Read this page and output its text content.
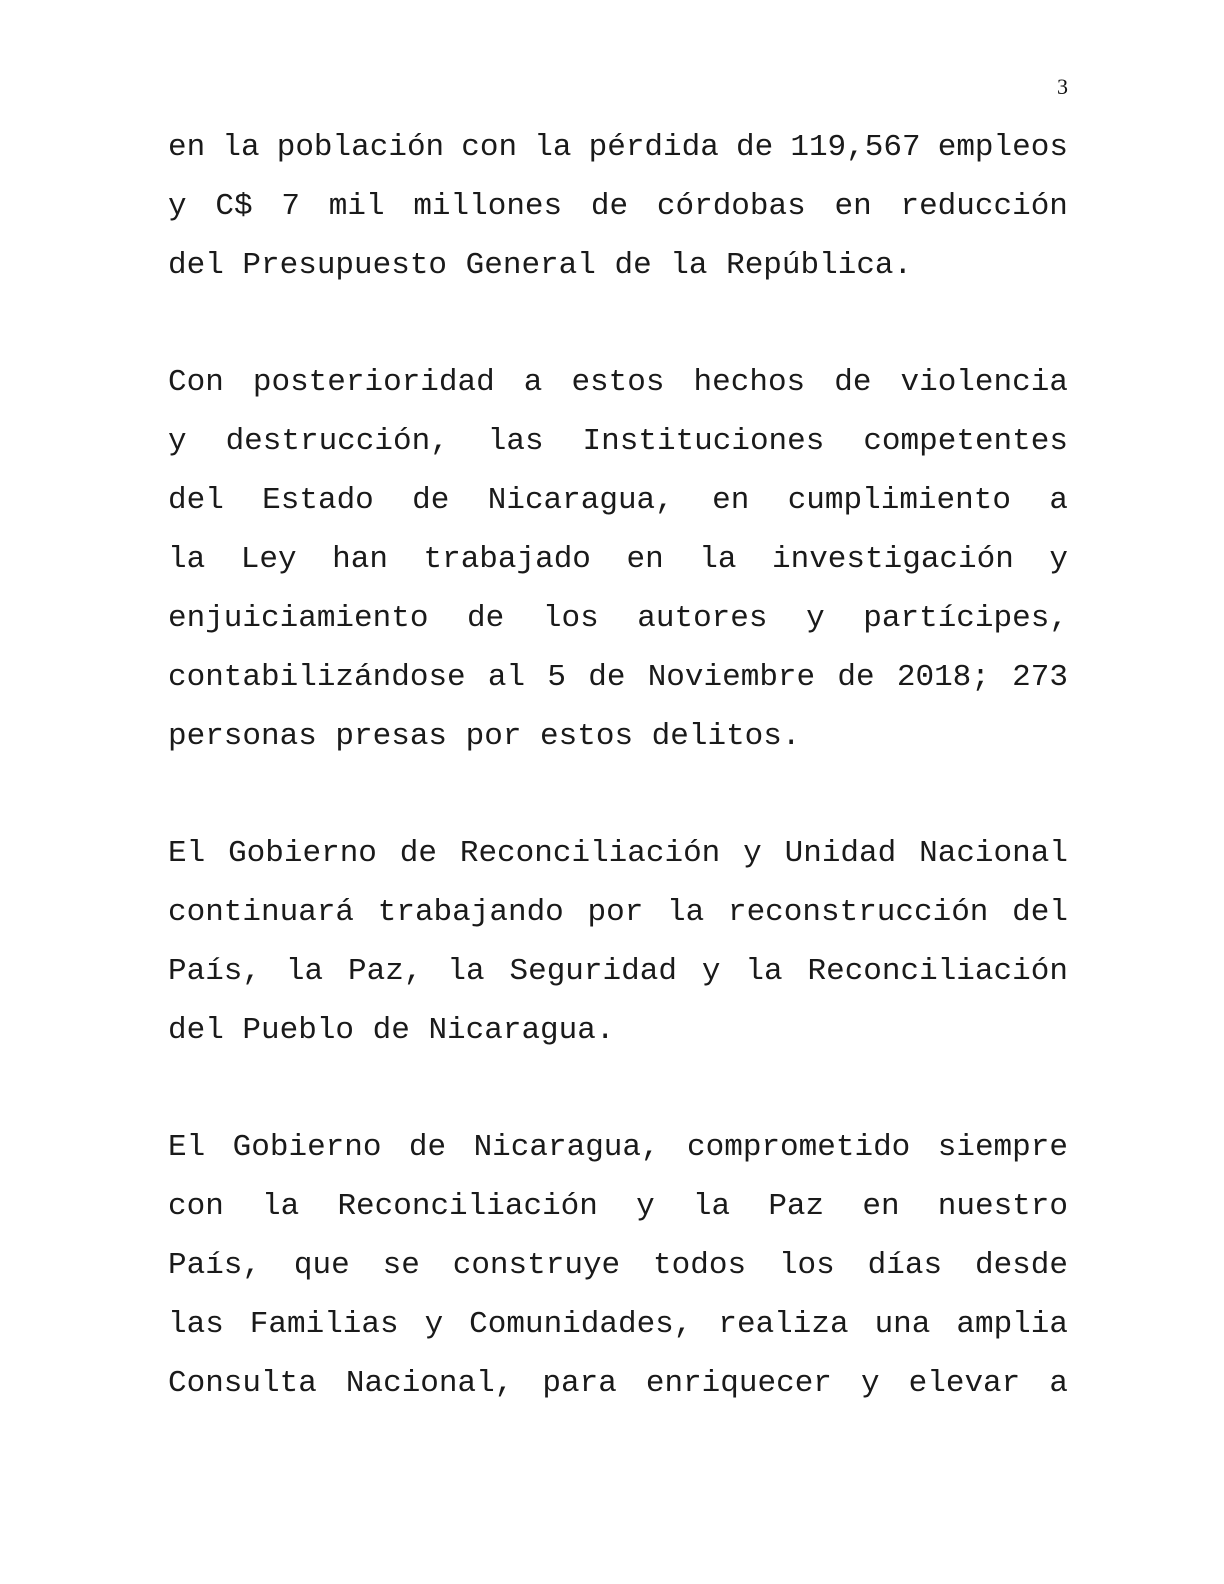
3
en la población con la pérdida de 119,567 empleos
y C$ 7 mil millones de córdobas en reducción
del Presupuesto General de la República.
Con posterioridad a estos hechos de violencia
y destrucción, las Instituciones competentes
del Estado de Nicaragua, en cumplimiento a
la Ley han trabajado en la investigación y
enjuiciamiento de los autores y partícipes,
contabilizándose al 5 de Noviembre de 2018; 273
personas presas por estos delitos.
El Gobierno de Reconciliación y Unidad Nacional
continuará trabajando por la reconstrucción del
País, la Paz, la Seguridad y la Reconciliación
del Pueblo de Nicaragua.
El Gobierno de Nicaragua, comprometido siempre
con la Reconciliación y la Paz en nuestro
País, que se construye todos los días desde
las Familias y Comunidades, realiza una amplia
Consulta Nacional, para enriquecer y elevar a
